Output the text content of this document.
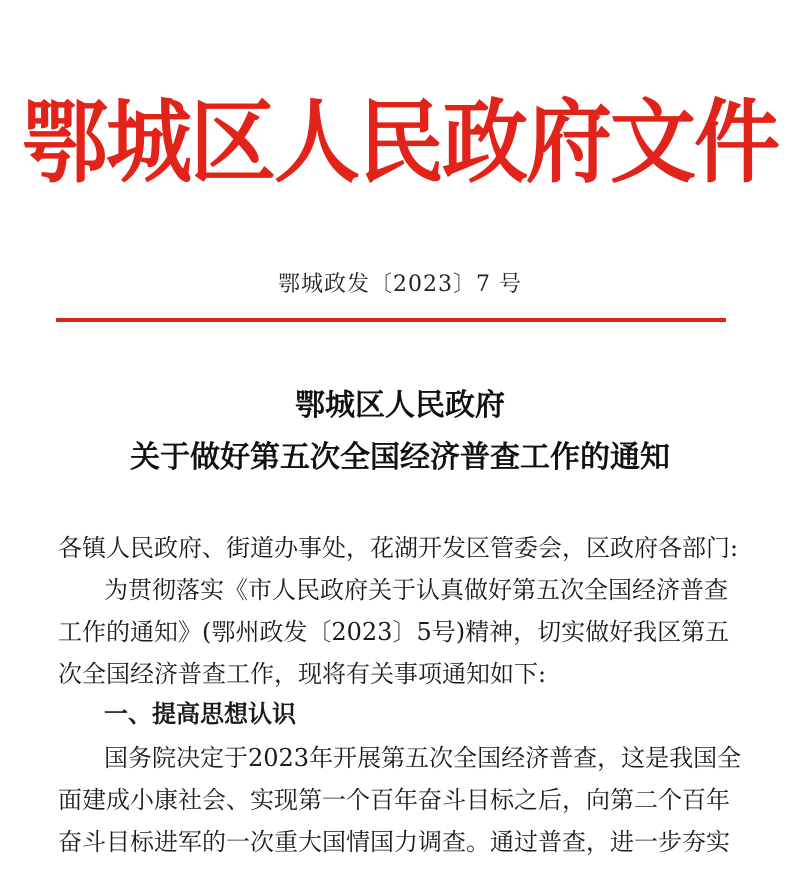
鄂城区人民政府文件
鄂城政发〔2023〕7 号
鄂城区人民政府
关于做好第五次全国经济普查工作的通知
各镇人民政府、街道办事处，花湖开发区管委会，区政府各部门:
为贯彻落实《市人民政府关于认真做好第五次全国经济普查
工作的通知》(鄂州政发〔2023〕5号)精神，切实做好我区第五
次全国经济普查工作，现将有关事项通知如下:
一、提高思想认识
国务院决定于2023年开展第五次全国经济普查，这是我国全
面建成小康社会、实现第一个百年奋斗目标之后，向第二个百年
奋斗目标进军的一次重大国情国力调查。通过普查，进一步夯实
